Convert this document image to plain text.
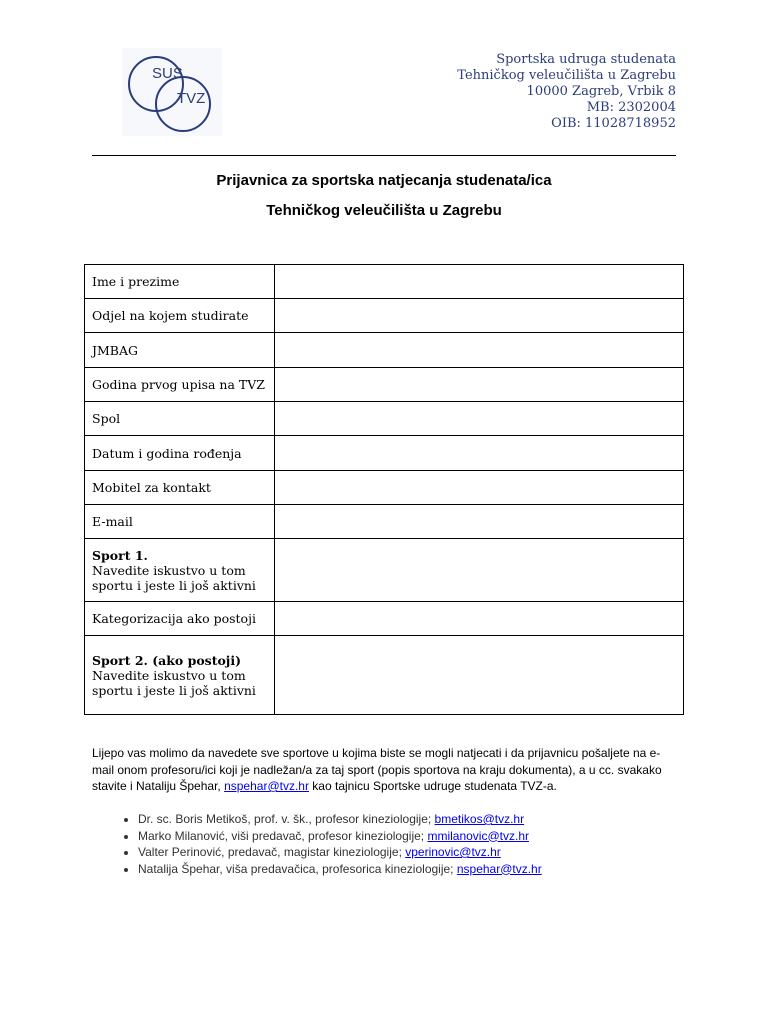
SUS
TVZ
Sportska udruga studenata
Tehničkog veleučilišta u Zagrebu
10000 Zagreb, Vrbik 8
MB: 2302004
OIB: 11028718952
Prijavnica za sportska natjecanja studenata/ica
Tehničkog veleučilišta u Zagrebu
Ime i prezime	
Odjel na kojem studirate	
JMBAG	
Godina prvog upisa na TVZ	
Spol	
Datum i godina rođenja	
Mobitel za kontakt	
E-mail	

Sport 1.
Navedite iskustvo u tom
sportu i jeste li još aktivni	

Kategorizacija ako postoji	

Sport 2. (ako postoji)
Navedite iskustvo u tom
sportu i jeste li još aktivni	

Lijepo vas molimo da navedete sve sportove u kojima biste se mogli natjecati i da prijavnicu pošaljete na e-mail onom profesoru/ici koji je nadležan/a za taj sport (popis sportova na kraju dokumenta), a u cc. svakako stavite i Nataliju Špehar, nspehar@tvz.hr kao tajnicu Sportske udruge studenata TVZ-a.
• Dr. sc. Boris Metikoš, prof. v. šk., profesor kineziologije; bmetikos@tvz.hr
• Marko Milanović, viši predavač, profesor kineziologije; mmilanovic@tvz.hr
• Valter Perinović, predavač, magistar kineziologije; vperinovic@tvz.hr
• Natalija Špehar, viša predavačica, profesorica kineziologije; nspehar@tvz.hr
